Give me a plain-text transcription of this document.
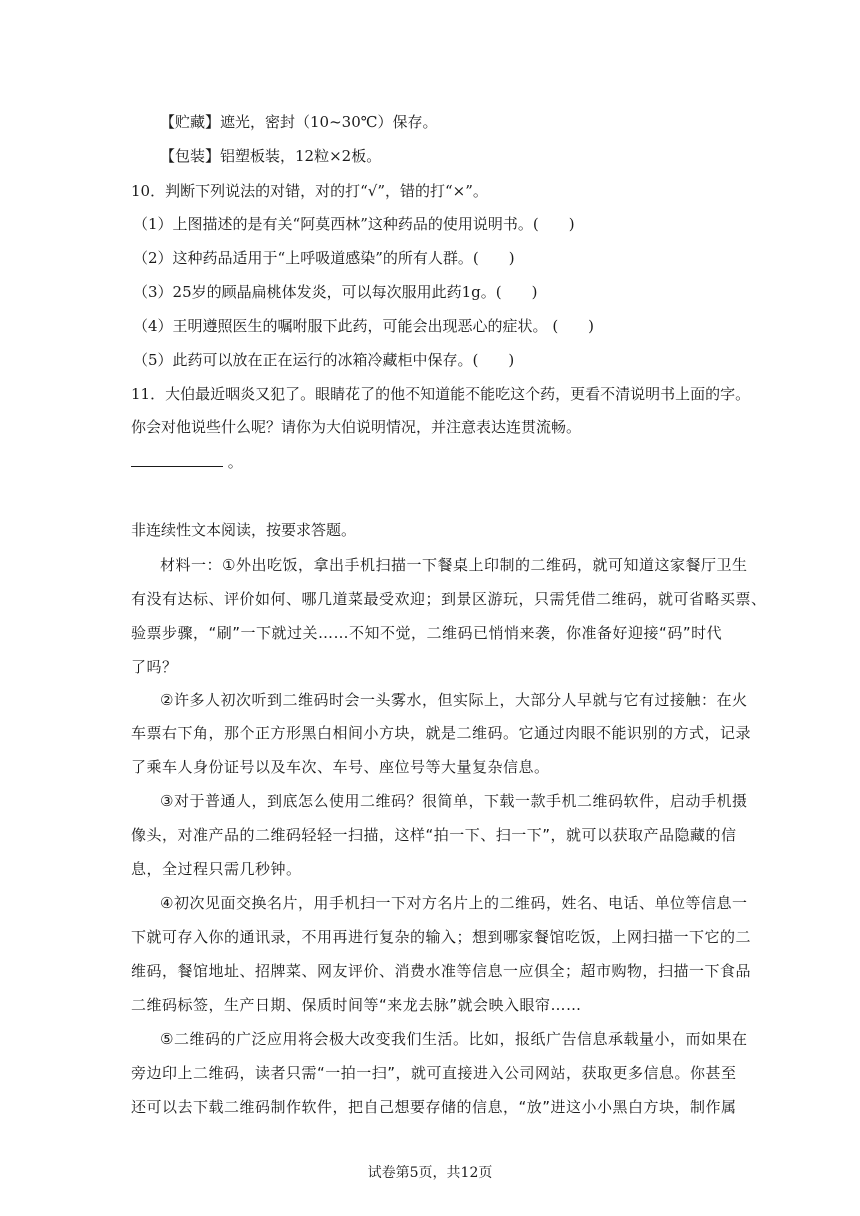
【贮藏】遮光，密封（10~30℃）保存。
【包装】铝塑板装，12粒×2板。
10．判断下列说法的对错，对的打“√”，错的打“×”。
（1）上图描述的是有关“阿莫西林”这种药品的使用说明书。(　　)
（2）这种药品适用于“上呼吸道感染”的所有人群。(　　)
（3）25岁的顾晶扁桃体发炎，可以每次服用此药1g。(　　)
（4）王明遵照医生的嘱咐服下此药，可能会出现恶心的症状。 (　　)
（5）此药可以放在正在运行的冰箱冷藏柜中保存。(　　)
11．大伯最近咽炎又犯了。眼睛花了的他不知道能不能吃这个药，更看不清说明书上面的字。
你会对他说些什么呢？请你为大伯说明情况，并注意表达连贯流畅。
。
非连续性文本阅读，按要求答题。
材料一：①外出吃饭，拿出手机扫描一下餐桌上印制的二维码，就可知道这家餐厅卫生
有没有达标、评价如何、哪几道菜最受欢迎；到景区游玩，只需凭借二维码，就可省略买票、
验票步骤，“刷”一下就过关……不知不觉，二维码已悄悄来袭，你准备好迎接“码”时代
了吗？
②许多人初次听到二维码时会一头雾水，但实际上，大部分人早就与它有过接触：在火
车票右下角，那个正方形黑白相间小方块，就是二维码。它通过肉眼不能识别的方式，记录
了乘车人身份证号以及车次、车号、座位号等大量复杂信息。
③对于普通人，到底怎么使用二维码？很简单，下载一款手机二维码软件，启动手机摄
像头，对准产品的二维码轻轻一扫描，这样“拍一下、扫一下”，就可以获取产品隐藏的信
息，全过程只需几秒钟。
④初次见面交换名片，用手机扫一下对方名片上的二维码，姓名、电话、单位等信息一
下就可存入你的通讯录，不用再进行复杂的输入；想到哪家餐馆吃饭，上网扫描一下它的二
维码，餐馆地址、招牌菜、网友评价、消费水准等信息一应俱全；超市购物，扫描一下食品
二维码标签，生产日期、保质时间等“来龙去脉”就会映入眼帘……
⑤二维码的广泛应用将会极大改变我们生活。比如，报纸广告信息承载量小，而如果在
旁边印上二维码，读者只需“一拍一扫”，就可直接进入公司网站，获取更多信息。你甚至
还可以去下载二维码制作软件，把自己想要存储的信息，“放”进这小小黑白方块，制作属
试卷第5页，共12页
